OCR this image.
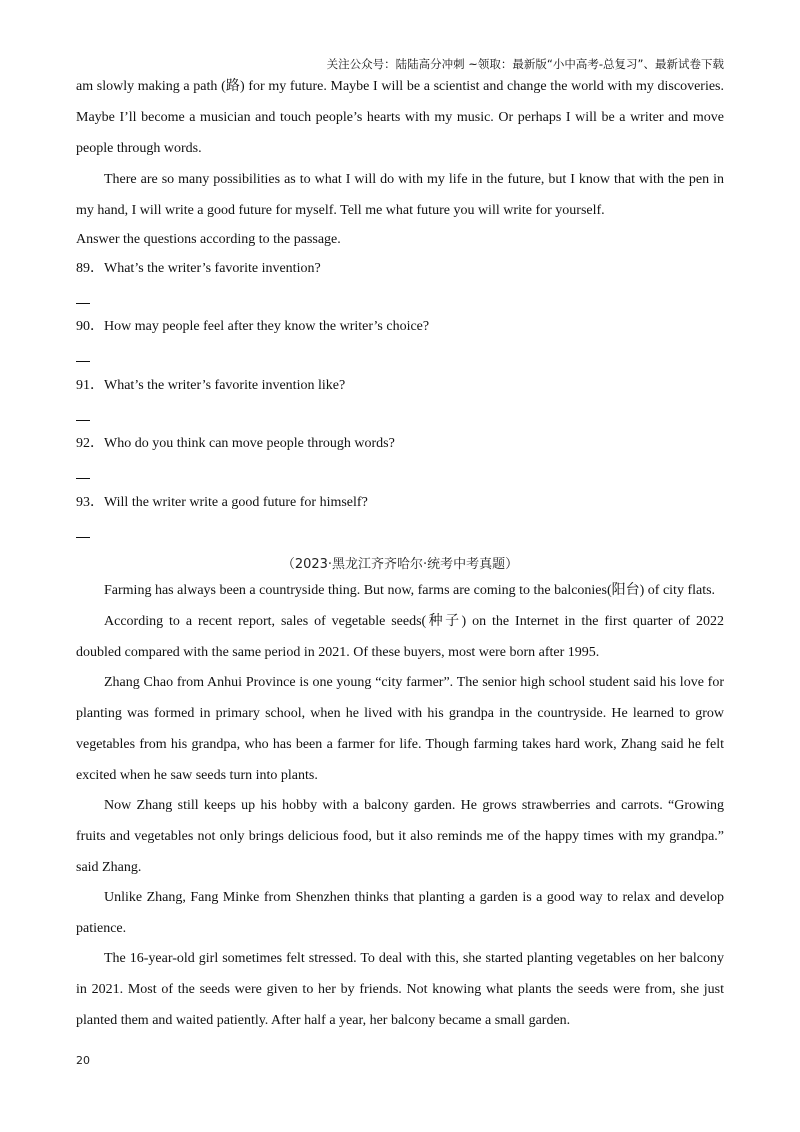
关注公众号：陆陆高分冲刺 ~领取：最新版“小中高考-总复习”、最新试卷下载

am slowly making a path (路) for my future. Maybe I will be a scientist and change the world with my discoveries. Maybe I’ll become a musician and touch people’s hearts with my music. Or perhaps I will be a writer and move people through words.

There are so many possibilities as to what I will do with my life in the future, but I know that with the pen in my hand, I will write a good future for myself. Tell me what future you will write for yourself.

Answer the questions according to the passage.

89．What’s the writer’s favorite invention?

90．How may people feel after they know the writer’s choice?

91．What’s the writer’s favorite invention like?

92．Who do you think can move people through words?

93．Will the writer write a good future for himself?

（2023·黑龙江齐齐哈尔·统考中考真题）

Farming has always been a countryside thing. But now, farms are coming to the balconies(阳台) of city flats.

According to a recent report, sales of vegetable seeds(种子) on the Internet in the first quarter of 2022 doubled compared with the same period in 2021. Of these buyers, most were born after 1995.

Zhang Chao from Anhui Province is one young “city farmer”. The senior high school student said his love for planting was formed in primary school, when he lived with his grandpa in the countryside. He learned to grow vegetables from his grandpa, who has been a farmer for life. Though farming takes hard work, Zhang said he felt excited when he saw seeds turn into plants.

Now Zhang still keeps up his hobby with a balcony garden. He grows strawberries and carrots. “Growing fruits and vegetables not only brings delicious food, but it also reminds me of the happy times with my grandpa.” said Zhang.

Unlike Zhang, Fang Minke from Shenzhen thinks that planting a garden is a good way to relax and develop patience.

The 16-year-old girl sometimes felt stressed. To deal with this, she started planting vegetables on her balcony in 2021. Most of the seeds were given to her by friends. Not knowing what plants the seeds were from, she just planted them and waited patiently. After half a year, her balcony became a small garden.

20
